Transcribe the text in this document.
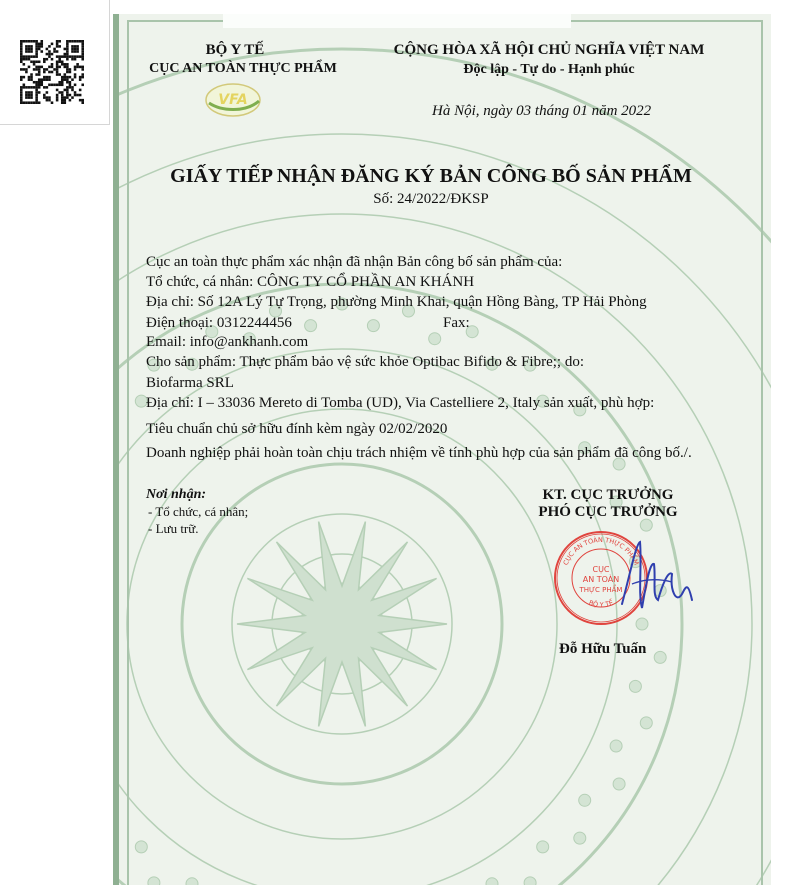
BỘ Y TẾ
CỤC AN TOÀN THỰC PHẨM
VFA
CỘNG HÒA XÃ HỘI CHỦ NGHĨA VIỆT NAM
Độc lập - Tự do - Hạnh phúc
Hà Nội, ngày 03 tháng 01 năm 2022
GIẤY TIẾP NHẬN ĐĂNG KÝ BẢN CÔNG BỐ SẢN PHẨM
Số: 24/2022/ĐKSP
Cục an toàn thực phẩm xác nhận đã nhận Bản công bố sản phẩm của:
Tổ chức, cá nhân: CÔNG TY CỔ PHẦN AN KHÁNH
Địa chỉ: Số 12A Lý Tự Trọng, phường Minh Khai, quận Hồng Bàng, TP Hải Phòng
Điện thoại: 0312244456	Fax:
Email: info@ankhanh.com
Cho sản phẩm: Thực phẩm bảo vệ sức khỏe Optibac Bifido & Fibre;; do:
Biofarma SRL
Địa chỉ: I – 33036 Mereto di Tomba (UD), Via Castelliere 2, Italy sản xuất, phù hợp:
Tiêu chuẩn chủ sở hữu đính kèm ngày 02/02/2020
Doanh nghiệp phải hoàn toàn chịu trách nhiệm về tính phù hợp của sản phẩm đã công bố./.
Nơi nhận:
- Tổ chức, cá nhân;
- Lưu trữ.
KT. CỤC TRƯỞNG
PHÓ CỤC TRƯỞNG
CỤC AN TOÀN THỰC PHẨM
BỘ Y TẾ
CỤC
AN TOÀN
THỰC PHẨM
Đỗ Hữu Tuấn
